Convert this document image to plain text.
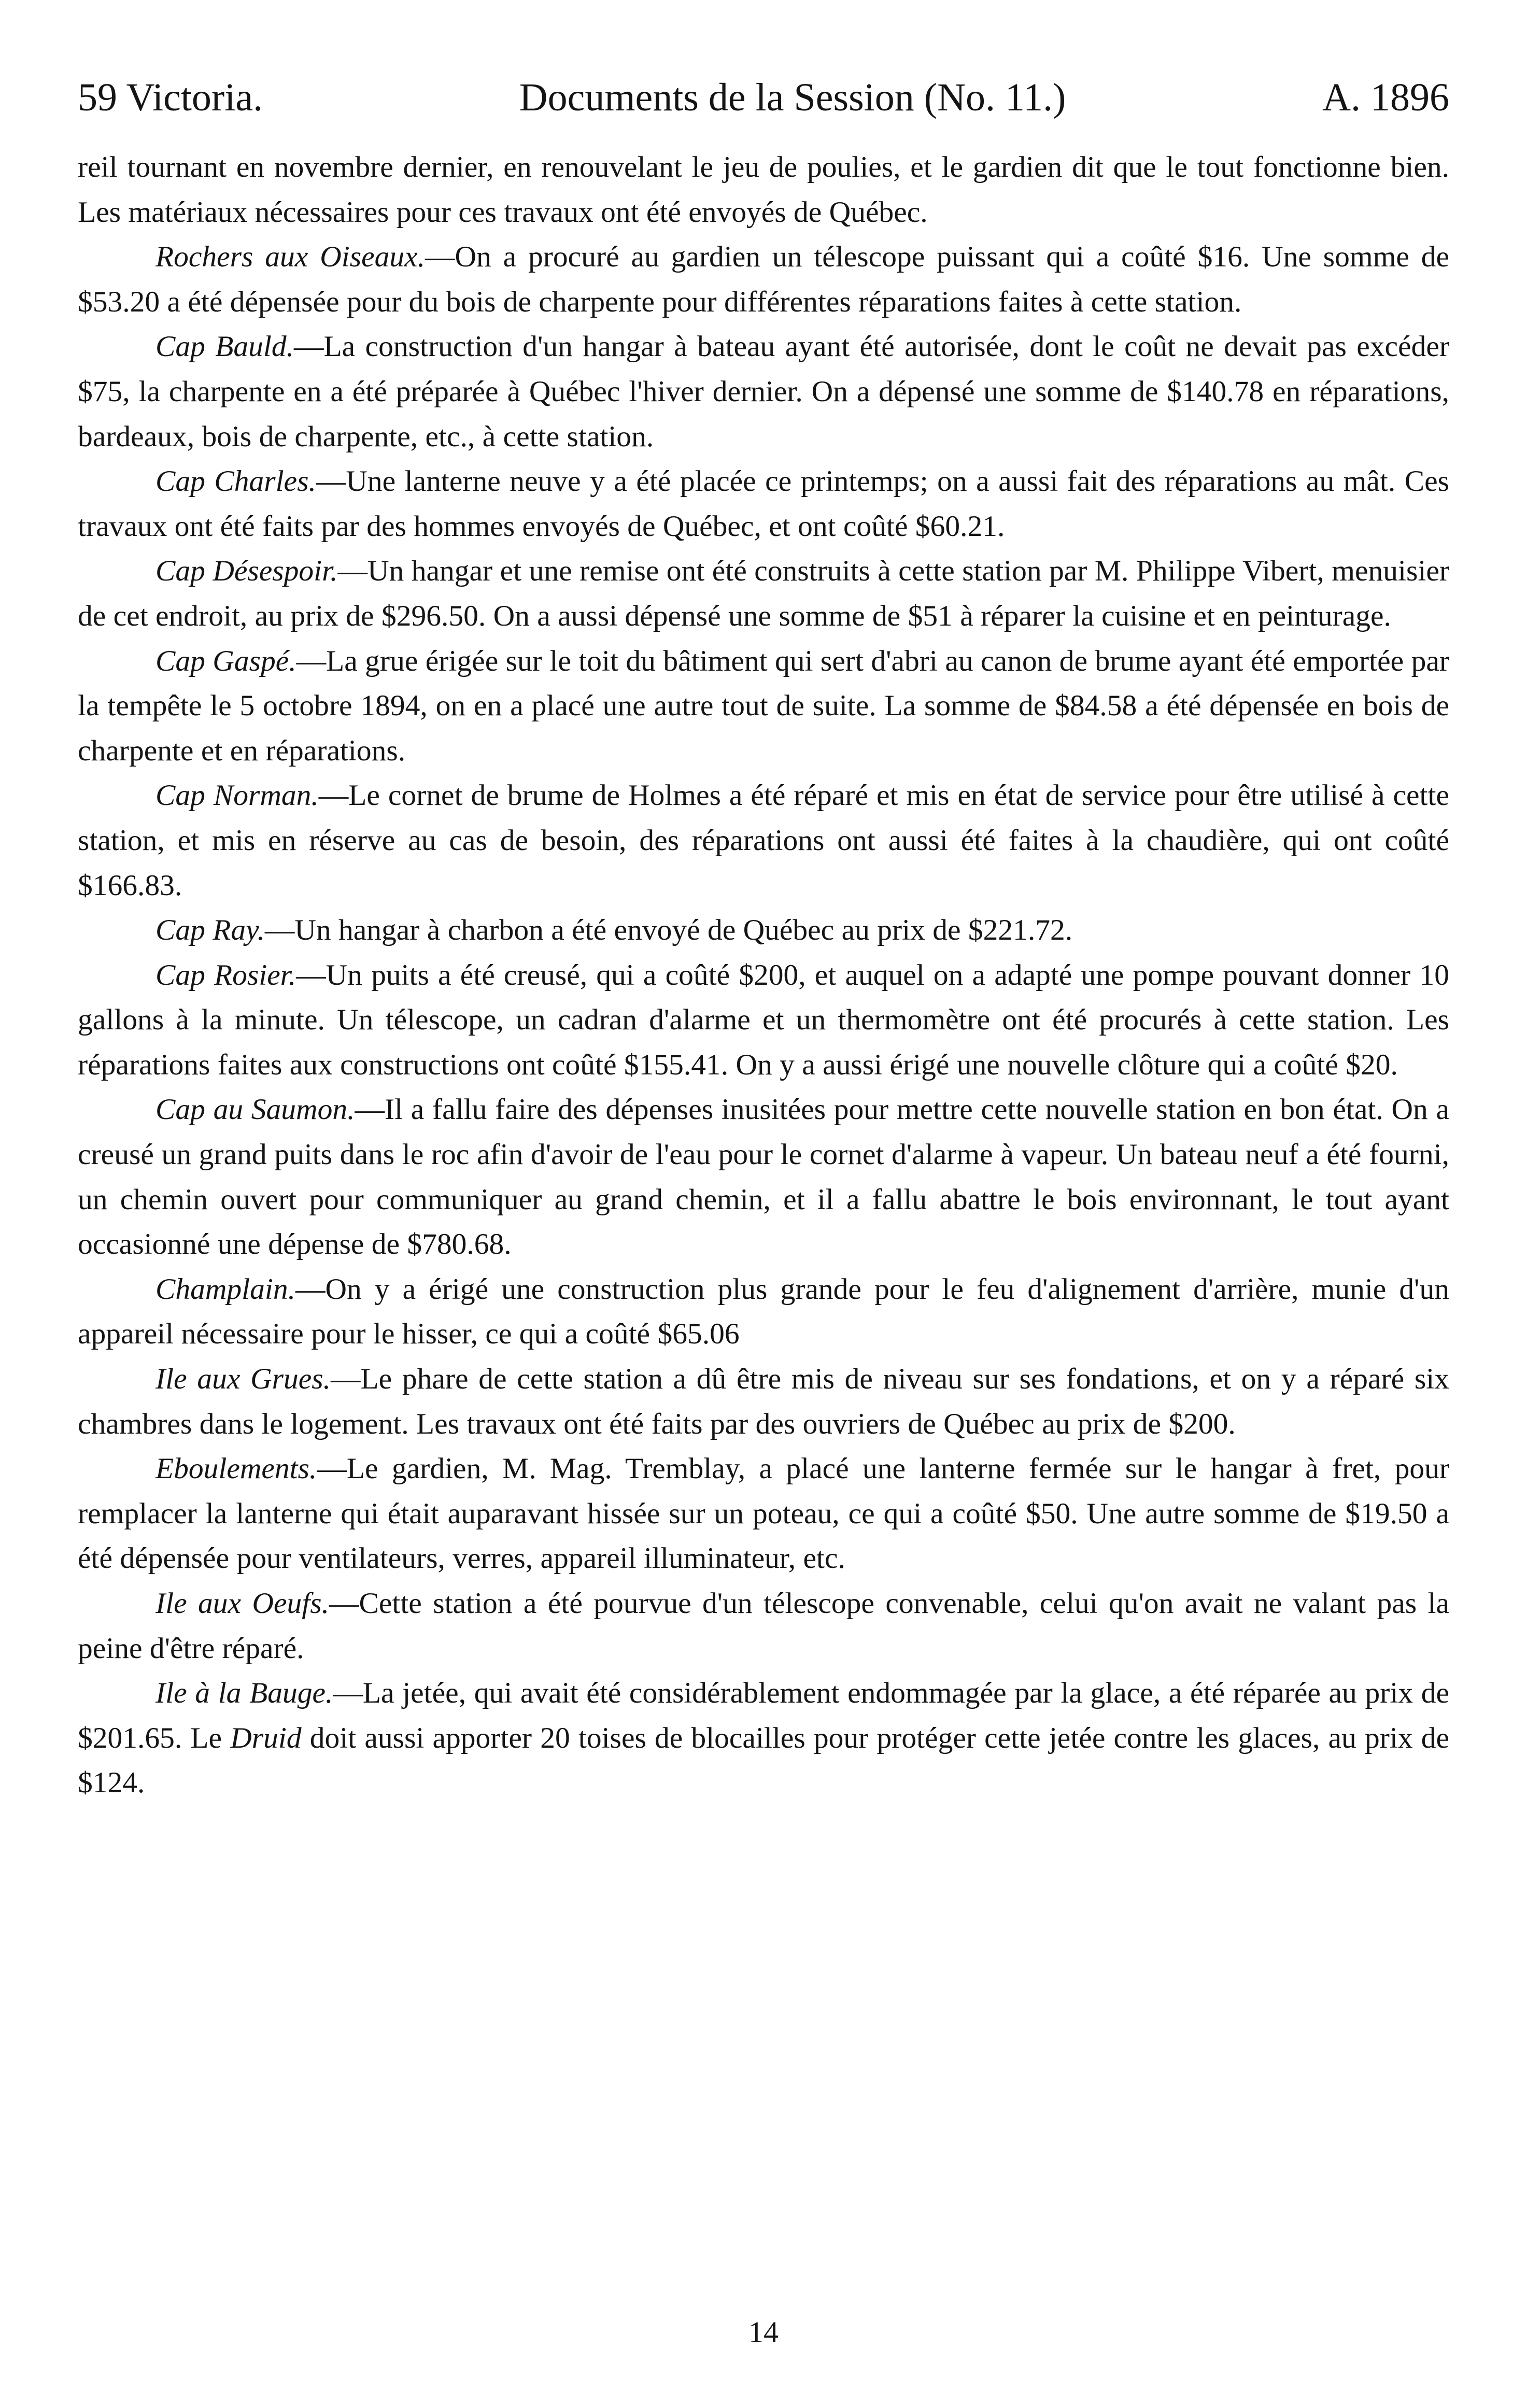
59 Victoria.	Documents de la Session (No. 11.)	A. 1896

reil tournant en novembre dernier, en renouvelant le jeu de poulies, et le gardien dit que le tout fonctionne bien. Les matériaux nécessaires pour ces travaux ont été envoyés de Québec.

Rochers aux Oiseaux.—On a procuré au gardien un télescope puissant qui a coûté $16. Une somme de $53.20 a été dépensée pour du bois de charpente pour différentes réparations faites à cette station.

Cap Bauld.—La construction d'un hangar à bateau ayant été autorisée, dont le coût ne devait pas excéder $75, la charpente en a été préparée à Québec l'hiver dernier. On a dépensé une somme de $140.78 en réparations, bardeaux, bois de charpente, etc., à cette station.

Cap Charles.—Une lanterne neuve y a été placée ce printemps; on a aussi fait des réparations au mât. Ces travaux ont été faits par des hommes envoyés de Québec, et ont coûté $60.21.

Cap Désespoir.—Un hangar et une remise ont été construits à cette station par M. Philippe Vibert, menuisier de cet endroit, au prix de $296.50. On a aussi dépensé une somme de $51 à réparer la cuisine et en peinturage.

Cap Gaspé.—La grue érigée sur le toit du bâtiment qui sert d'abri au canon de brume ayant été emportée par la tempête le 5 octobre 1894, on en a placé une autre tout de suite. La somme de $84.58 a été dépensée en bois de charpente et en réparations.

Cap Norman.—Le cornet de brume de Holmes a été réparé et mis en état de service pour être utilisé à cette station, et mis en réserve au cas de besoin, des réparations ont aussi été faites à la chaudière, qui ont coûté $166.83.

Cap Ray.—Un hangar à charbon a été envoyé de Québec au prix de $221.72.

Cap Rosier.—Un puits a été creusé, qui a coûté $200, et auquel on a adapté une pompe pouvant donner 10 gallons à la minute. Un télescope, un cadran d'alarme et un thermomètre ont été procurés à cette station. Les réparations faites aux constructions ont coûté $155.41. On y a aussi érigé une nouvelle clôture qui a coûté $20.

Cap au Saumon.—Il a fallu faire des dépenses inusitées pour mettre cette nouvelle station en bon état. On a creusé un grand puits dans le roc afin d'avoir de l'eau pour le cornet d'alarme à vapeur. Un bateau neuf a été fourni, un chemin ouvert pour communiquer au grand chemin, et il a fallu abattre le bois environnant, le tout ayant occasionné une dépense de $780.68.

Champlain.—On y a érigé une construction plus grande pour le feu d'alignement d'arrière, munie d'un appareil nécessaire pour le hisser, ce qui a coûté $65.06

Ile aux Grues.—Le phare de cette station a dû être mis de niveau sur ses fondations, et on y a réparé six chambres dans le logement. Les travaux ont été faits par des ouvriers de Québec au prix de $200.

Eboulements.—Le gardien, M. Mag. Tremblay, a placé une lanterne fermée sur le hangar à fret, pour remplacer la lanterne qui était auparavant hissée sur un poteau, ce qui a coûté $50. Une autre somme de $19.50 a été dépensée pour ventilateurs, verres, appareil illuminateur, etc.

Ile aux Oeufs.—Cette station a été pourvue d'un télescope convenable, celui qu'on avait ne valant pas la peine d'être réparé.

Ile à la Bauge.—La jetée, qui avait été considérablement endommagée par la glace, a été réparée au prix de $201.65. Le Druid doit aussi apporter 20 toises de blocailles pour protéger cette jetée contre les glaces, au prix de $124.

14
